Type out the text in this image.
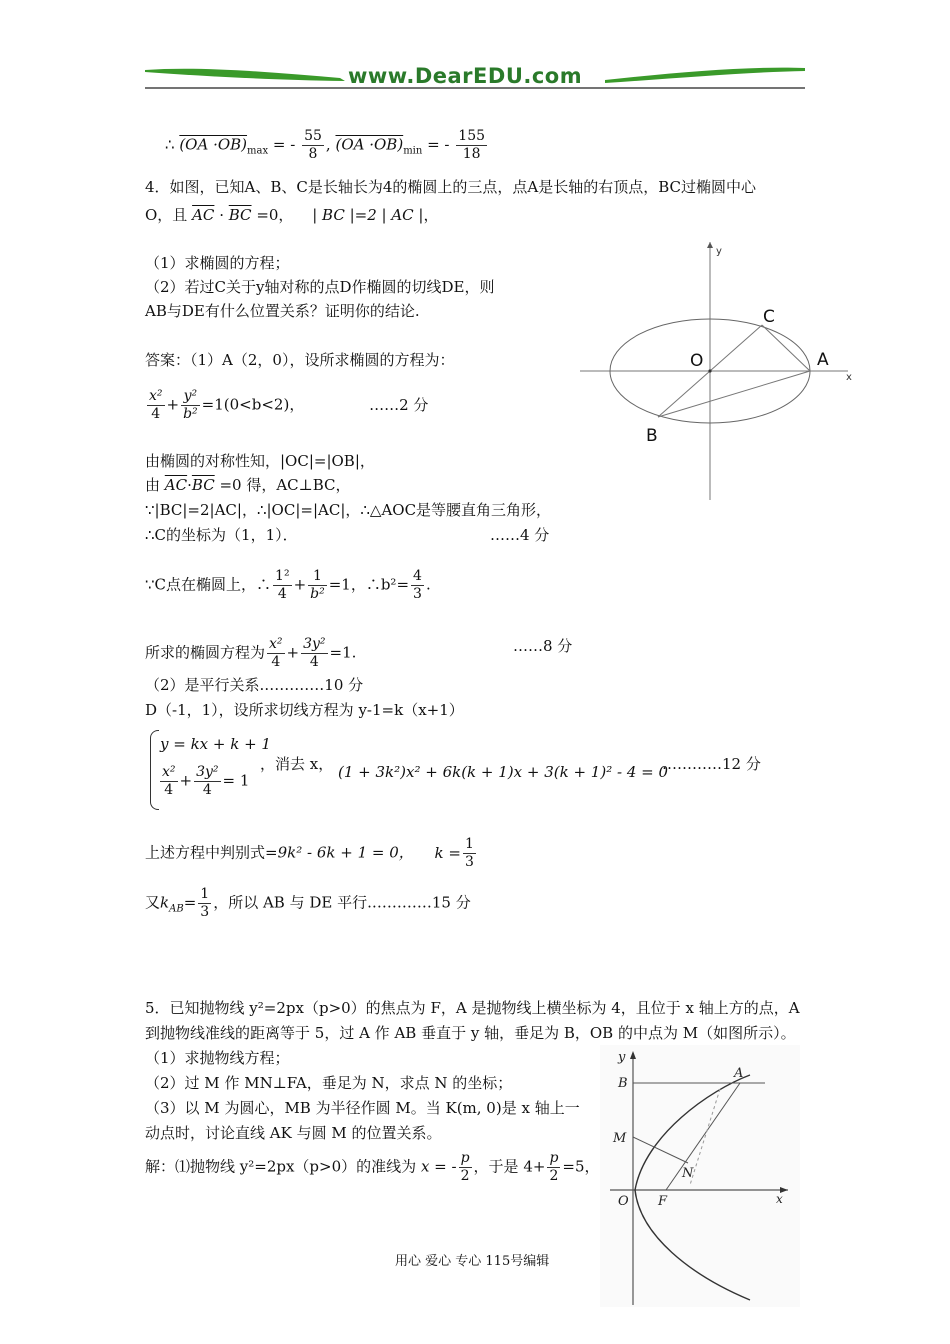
www.DearEDU.com
∴ $(OA \cdot OB)_{max}$ = - $\frac{55}{8}$ , $(OA \cdot OB)_{min}$ = - $\frac{155}{18}$
4．如图，已知A、B、C是长轴长为4的椭圆上的三点，点A是长轴的右顶点，BC过椭圆中心
O，且 $\overline{AC} \cdot \overline{BC} =0$， | BC |=2 | AC |，
（1）求椭圆的方程；
（2）若过C关于y轴对称的点D作椭圆的切线DE，则
AB与DE有什么位置关系？证明你的结论.
答案：（1）A（2，0），设所求椭圆的方程为：
$\frac{\text{x²}}{4} + \frac{\text{y²}}{\text{b²}} =1(0<b<2)$，	……2 分
由椭圆的对称性知，|OC|=|OB|，
由 $\overline{AC}\cdot\overline{BC} =0$ 得，AC⊥BC，
∵|BC|=2|AC|，∴|OC|=|AC|，∴△AOC是等腰直角三角形，
∴C的坐标为（1，1）．	……4 分
∵C点在椭圆上，∴ $\frac{\text{1²}}{4} + \frac{1}{\text{b²}} =1$，∴b²= $\frac{4}{3}$ .
所求的椭圆方程为 $\frac{\text{x²}}{4} + \frac{\text{3y²}}{4} =1$.	……8 分
（2）是平行关系.…………10 分
D（-1，1），设所求切线方程为 y-1=k（x+1）
y = kx + k + 1
$\frac{\text{x²}}{4} + \frac{\text{3y²}}{4} = 1$
，消去 x， (1 + 3k²)x² + 6k(k + 1)x + 3(k + 1)² - 4 = 0
…………12 分
上述方程中判别式=9k² - 6k + 1 = 0， $k = \frac{1}{3}$
又$k_{AB}= \frac{1}{3}$ ，所以 AB 与 DE 平行.…………15 分
y
x
C
O	A
B
5．已知抛物线 y²=2px（p>0）的焦点为 F，A 是抛物线上横坐标为 4，且位于 x 轴上方的点，A
到抛物线准线的距离等于 5，过 A 作 AB 垂直于 y 轴，垂足为 B，OB 的中点为 M（如图所示）。
（1）求抛物线方程；
（2）过 M 作 MN⊥FA，垂足为 N，求点 N 的坐标；
（3）以 M 为圆心，MB 为半径作圆 M。当 K(m, 0)是 x 轴上一
动点时，讨论直线 AK 与圆 M 的位置关系。
解：⑴抛物线 y²=2px（p>0）的准线为 x = - $\frac{p}{2}$ ，于是 $4+ \frac{p}{2} =5$，
y
B
A
M
N
O F	x
用心 爱心 专心 115号编辑
